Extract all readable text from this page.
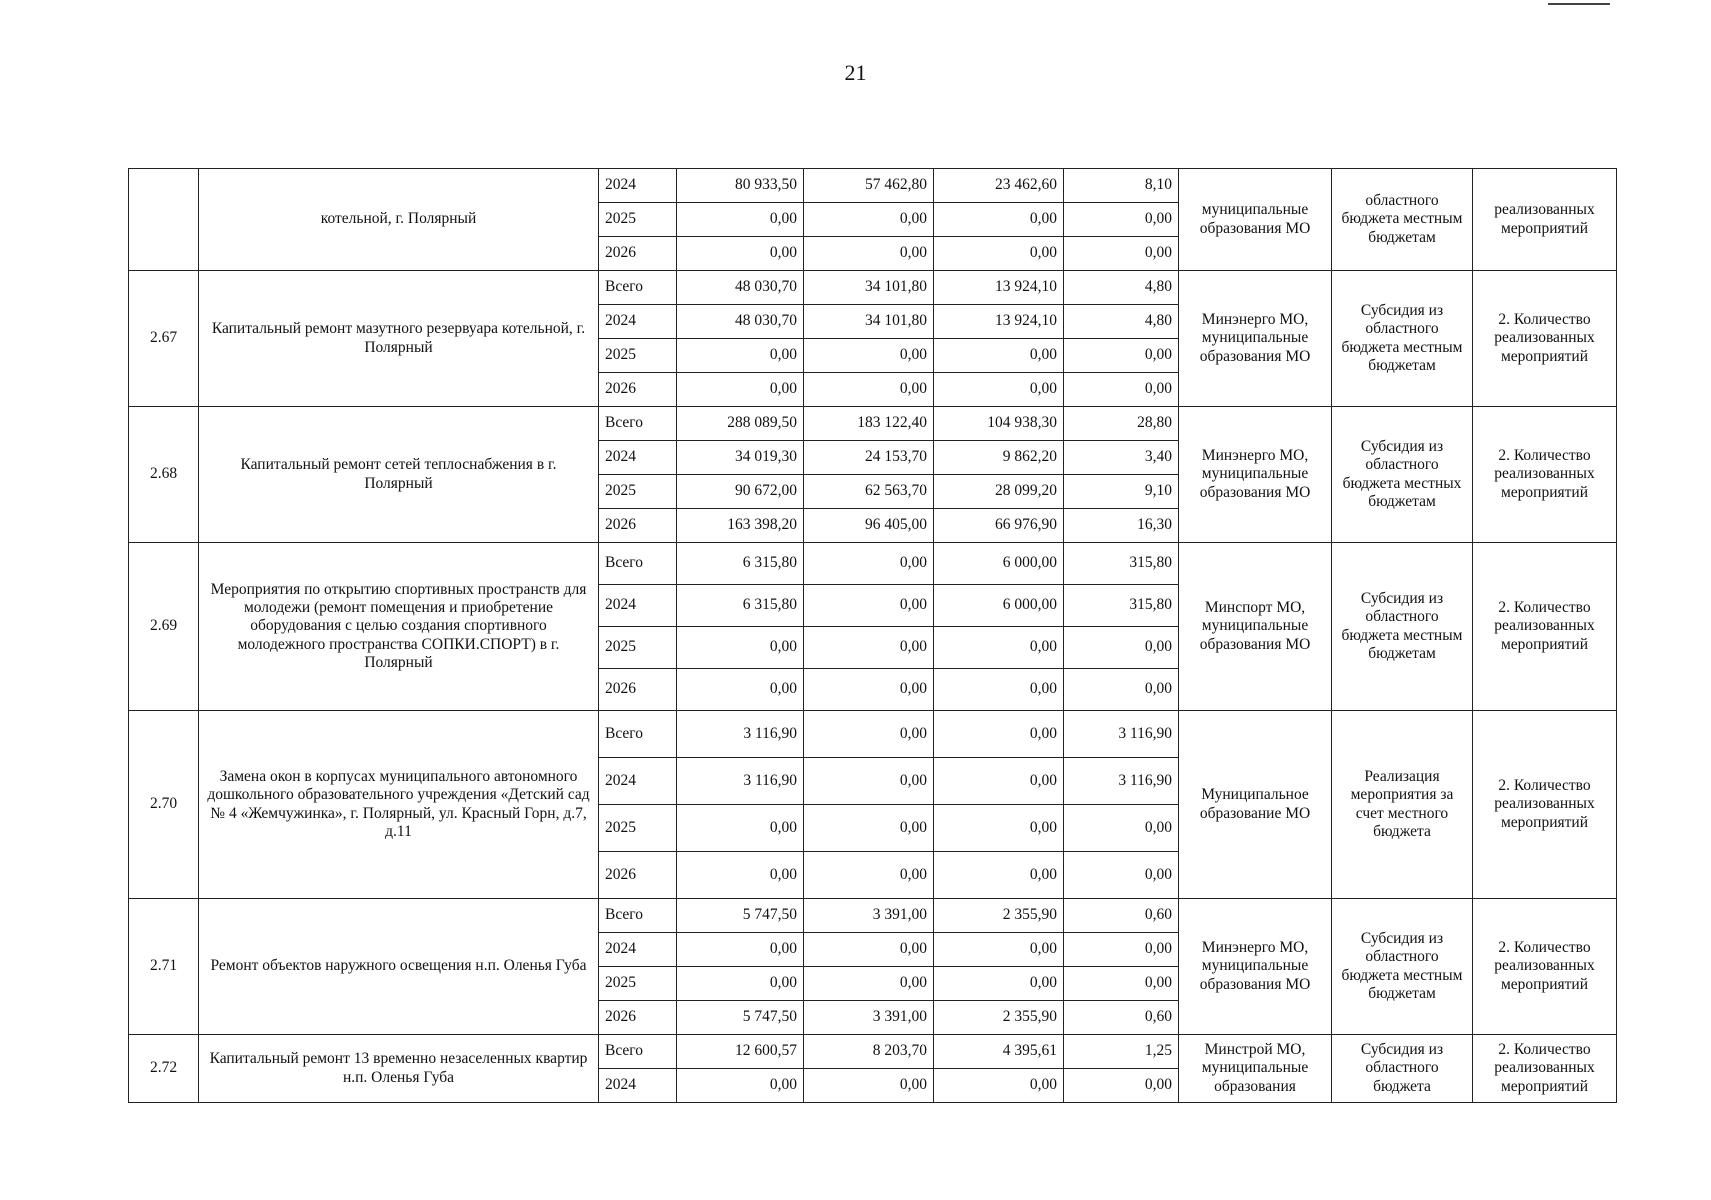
21
	котельной, г. Полярный	2024	80 933,50	57 462,80	23 462,60	8,10	муниципальные образования МО	областного бюджета местным бюджетам	реализованных мероприятий
		2025	0,00	0,00	0,00	0,00			
		2026	0,00	0,00	0,00	0,00			
2.67	Капитальный ремонт мазутного резервуара котельной, г. Полярный	Всего	48 030,70	34 101,80	13 924,10	4,80	Минэнерго МО, муниципальные образования МО	Субсидия из областного бюджета местным бюджетам	2. Количество реализованных мероприятий
		2024	48 030,70	34 101,80	13 924,10	4,80			
		2025	0,00	0,00	0,00	0,00			
		2026	0,00	0,00	0,00	0,00			
2.68	Капитальный ремонт сетей теплоснабжения в г. Полярный	Всего	288 089,50	183 122,40	104 938,30	28,80	Минэнерго МО, муниципальные образования МО	Субсидия из областного бюджета местных бюджетам	2. Количество реализованных мероприятий
		2024	34 019,30	24 153,70	9 862,20	3,40			
		2025	90 672,00	62 563,70	28 099,20	9,10			
		2026	163 398,20	96 405,00	66 976,90	16,30			
2.69	Мероприятия по открытию спортивных пространств для молодежи (ремонт помещения и приобретение оборудования с целью создания спортивного молодежного пространства СОПКИ.СПОРТ) в г. Полярный	Всего	6 315,80	0,00	6 000,00	315,80	Минспорт МО, муниципальные образования МО	Субсидия из областного бюджета местным бюджетам	2. Количество реализованных мероприятий
		2024	6 315,80	0,00	6 000,00	315,80			
		2025	0,00	0,00	0,00	0,00			
		2026	0,00	0,00	0,00	0,00			
2.70	Замена окон в корпусах муниципального автономного дошкольного образовательного учреждения «Детский сад № 4 «Жемчужинка», г. Полярный, ул. Красный Горн, д.7, д.11	Всего	3 116,90	0,00	0,00	3 116,90	Муниципальное образование МО	Реализация мероприятия за счет местного бюджета	2. Количество реализованных мероприятий
		2024	3 116,90	0,00	0,00	3 116,90			
		2025	0,00	0,00	0,00	0,00			
		2026	0,00	0,00	0,00	0,00			
2.71	Ремонт объектов наружного освещения н.п. Оленья Губа	Всего	5 747,50	3 391,00	2 355,90	0,60	Минэнерго МО, муниципальные образования МО	Субсидия из областного бюджета местным бюджетам	2. Количество реализованных мероприятий
		2024	0,00	0,00	0,00	0,00			
		2025	0,00	0,00	0,00	0,00			
		2026	5 747,50	3 391,00	2 355,90	0,60			
2.72	Капитальный ремонт 13 временно незаселенных квартир н.п. Оленья Губа	Всего	12 600,57	8 203,70	4 395,61	1,25	Минстрой МО, муниципальные образования	Субсидия из областного бюджета	2. Количество реализованных мероприятий
		2024	0,00	0,00	0,00	0,00			
